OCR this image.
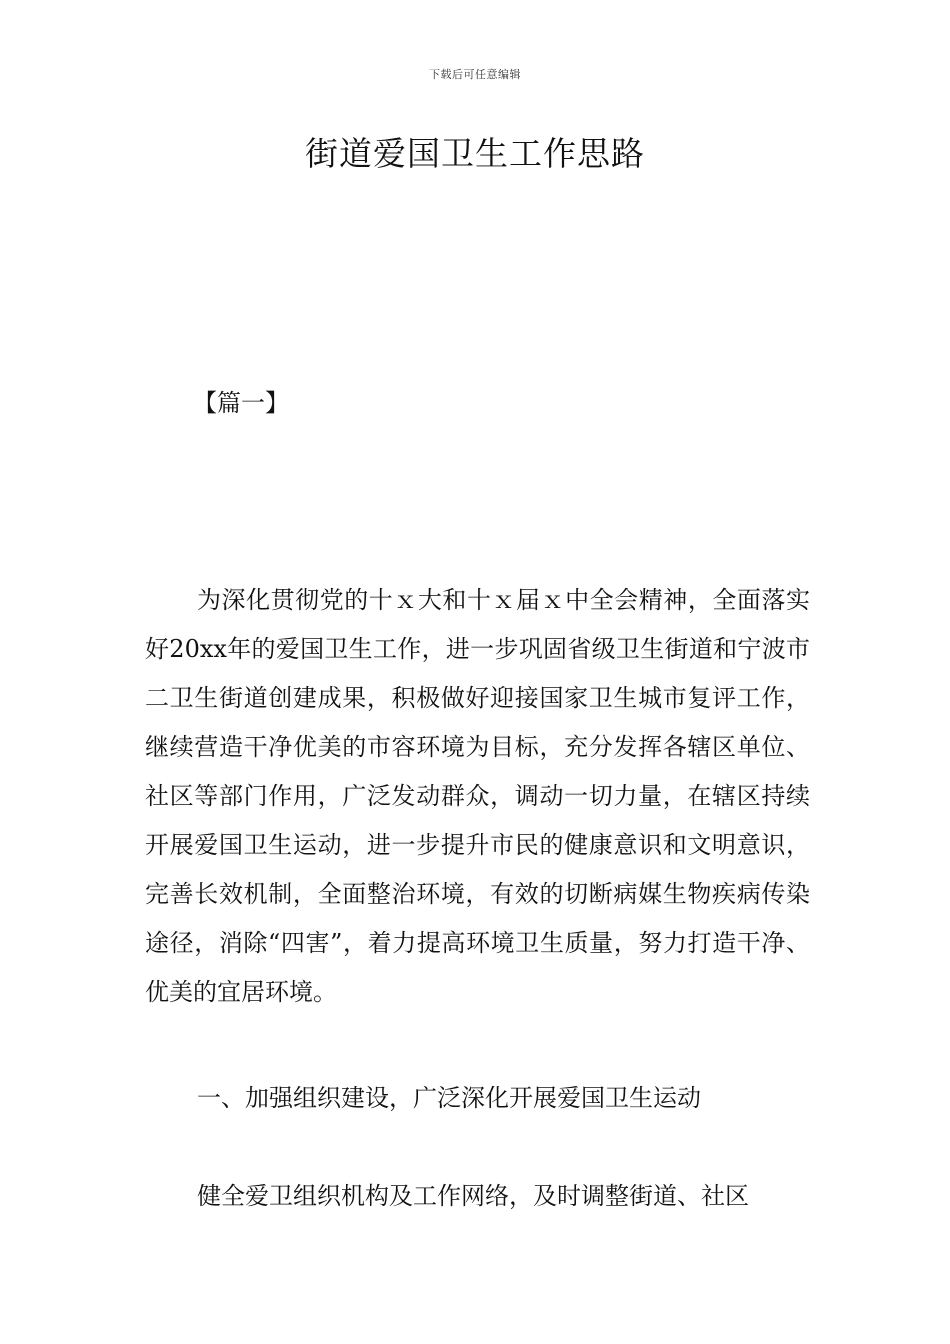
下载后可任意编辑
街道爱国卫生工作思路
【篇一】

为深化贯彻党的十ｘ大和十ｘ届ｘ中全会精神，全面落实好20xx年的爱国卫生工作，进一步巩固省级卫生街道和宁波市二卫生街道创建成果，积极做好迎接国家卫生城市复评工作，继续营造干净优美的市容环境为目标，充分发挥各辖区单位、社区等部门作用，广泛发动群众，调动一切力量，在辖区持续开展爱国卫生运动，进一步提升市民的健康意识和文明意识，完善长效机制，全面整治环境，有效的切断病媒生物疾病传染途径，消除“四害”，着力提高环境卫生质量，努力打造干净、优美的宜居环境。

一、加强组织建设，广泛深化开展爱国卫生运动

健全爱卫组织机构及工作网络，及时调整街道、社区
